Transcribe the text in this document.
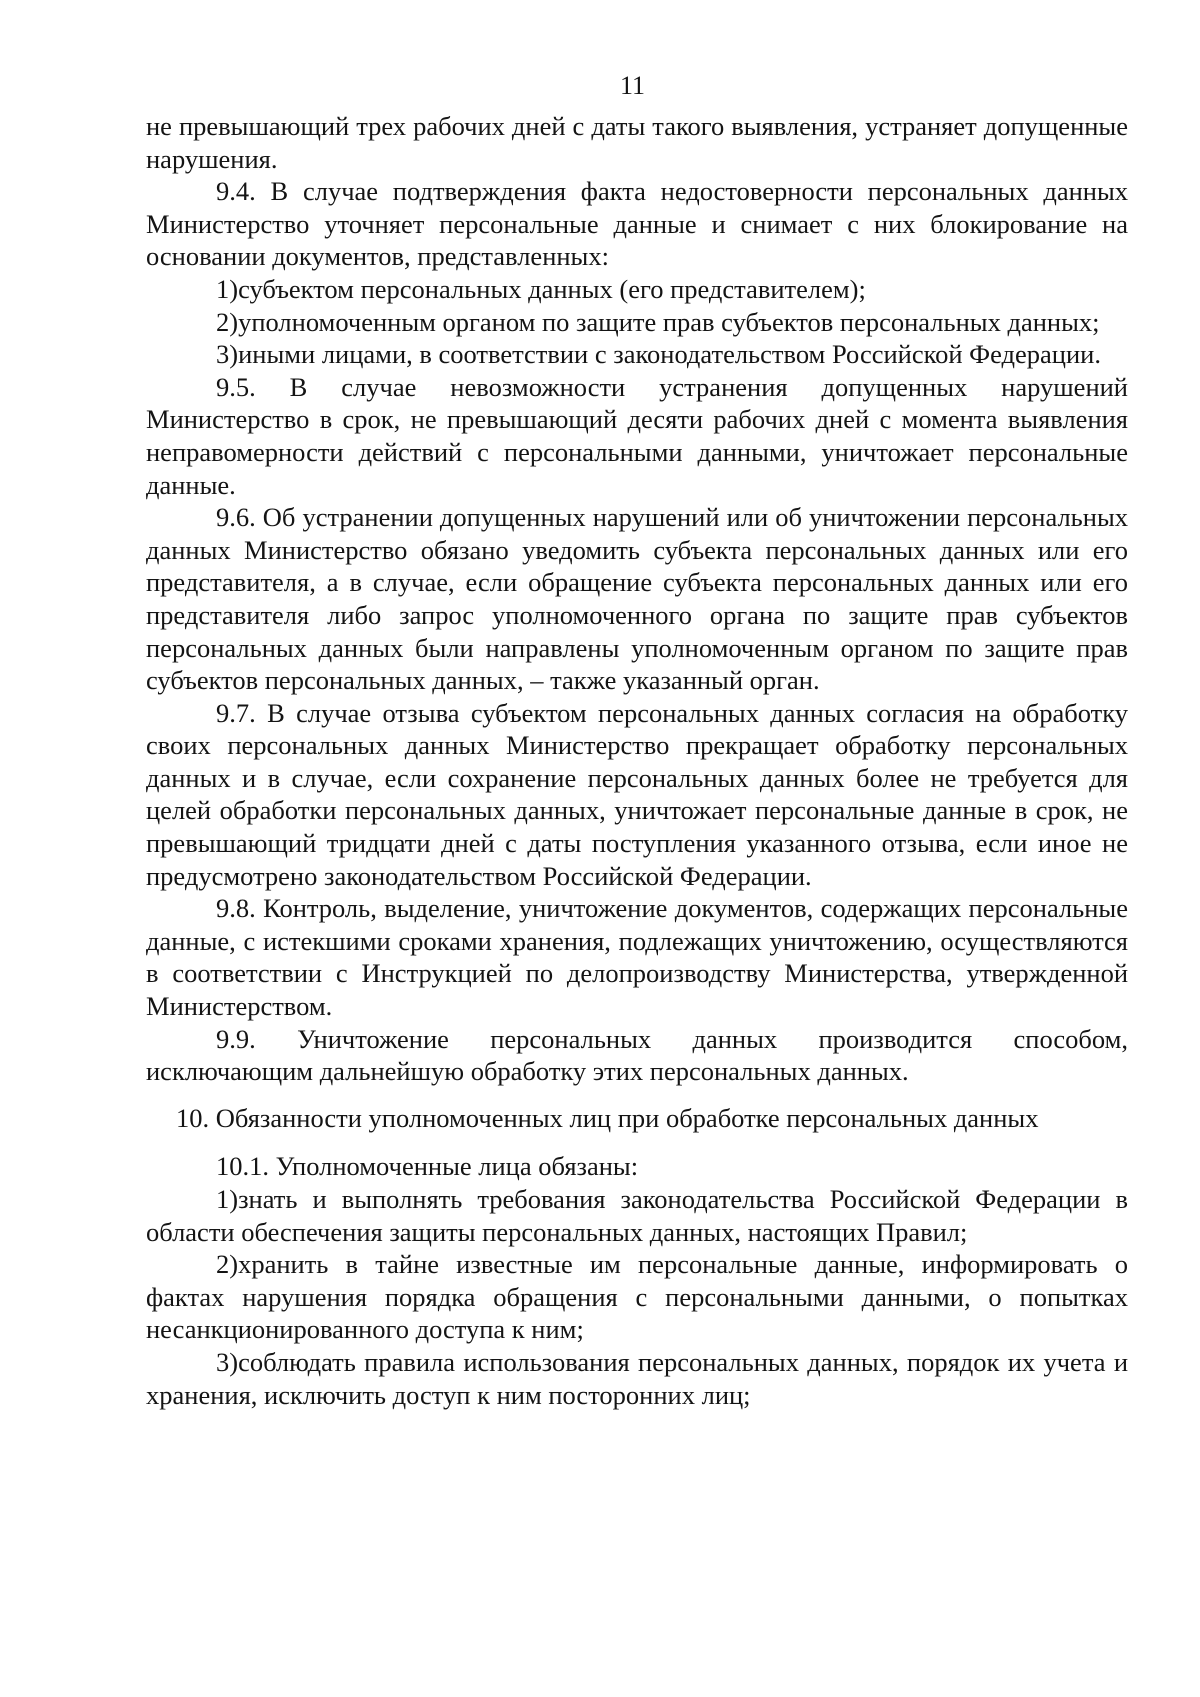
11

не превышающий трех рабочих дней с даты такого выявления, устраняет допущенные нарушения.

9.4. В случае подтверждения факта недостоверности персональных данных Министерство уточняет персональные данные и снимает с них блокирование на основании документов, представленных:

1)субъектом персональных данных (его представителем);

2)уполномоченным органом по защите прав субъектов персональных данных;

3)иными лицами, в соответствии с законодательством Российской Федерации.

9.5. В случае невозможности устранения допущенных нарушений Министерство в срок, не превышающий десяти рабочих дней с момента выявления неправомерности действий с персональными данными, уничтожает персональные данные.

9.6. Об устранении допущенных нарушений или об уничтожении персональных данных Министерство обязано уведомить субъекта персональных данных или его представителя, а в случае, если обращение субъекта персональных данных или его представителя либо запрос уполномоченного органа по защите прав субъектов персональных данных были направлены уполномоченным органом по защите прав субъектов персональных данных, – также указанный орган.

9.7. В случае отзыва субъектом персональных данных согласия на обработку своих персональных данных Министерство прекращает обработку персональных данных и в случае, если сохранение персональных данных более не требуется для целей обработки персональных данных, уничтожает персональные данные в срок, не превышающий тридцати дней с даты поступления указанного отзыва, если иное не предусмотрено законодательством Российской Федерации.

9.8. Контроль, выделение, уничтожение документов, содержащих персональные данные, с истекшими сроками хранения, подлежащих уничтожению, осуществляются в соответствии с Инструкцией по делопроизводству Министерства, утвержденной Министерством.

9.9. Уничтожение персональных данных производится способом, исключающим дальнейшую обработку этих персональных данных.

10. Обязанности уполномоченных лиц при обработке персональных данных

10.1. Уполномоченные лица обязаны:

1)знать и выполнять требования законодательства Российской Федерации в области обеспечения защиты персональных данных, настоящих Правил;

2)хранить в тайне известные им персональные данные, информировать о фактах нарушения порядка обращения с персональными данными, о попытках несанкционированного доступа к ним;

3)соблюдать правила использования персональных данных, порядок их учета и хранения, исключить доступ к ним посторонних лиц;
